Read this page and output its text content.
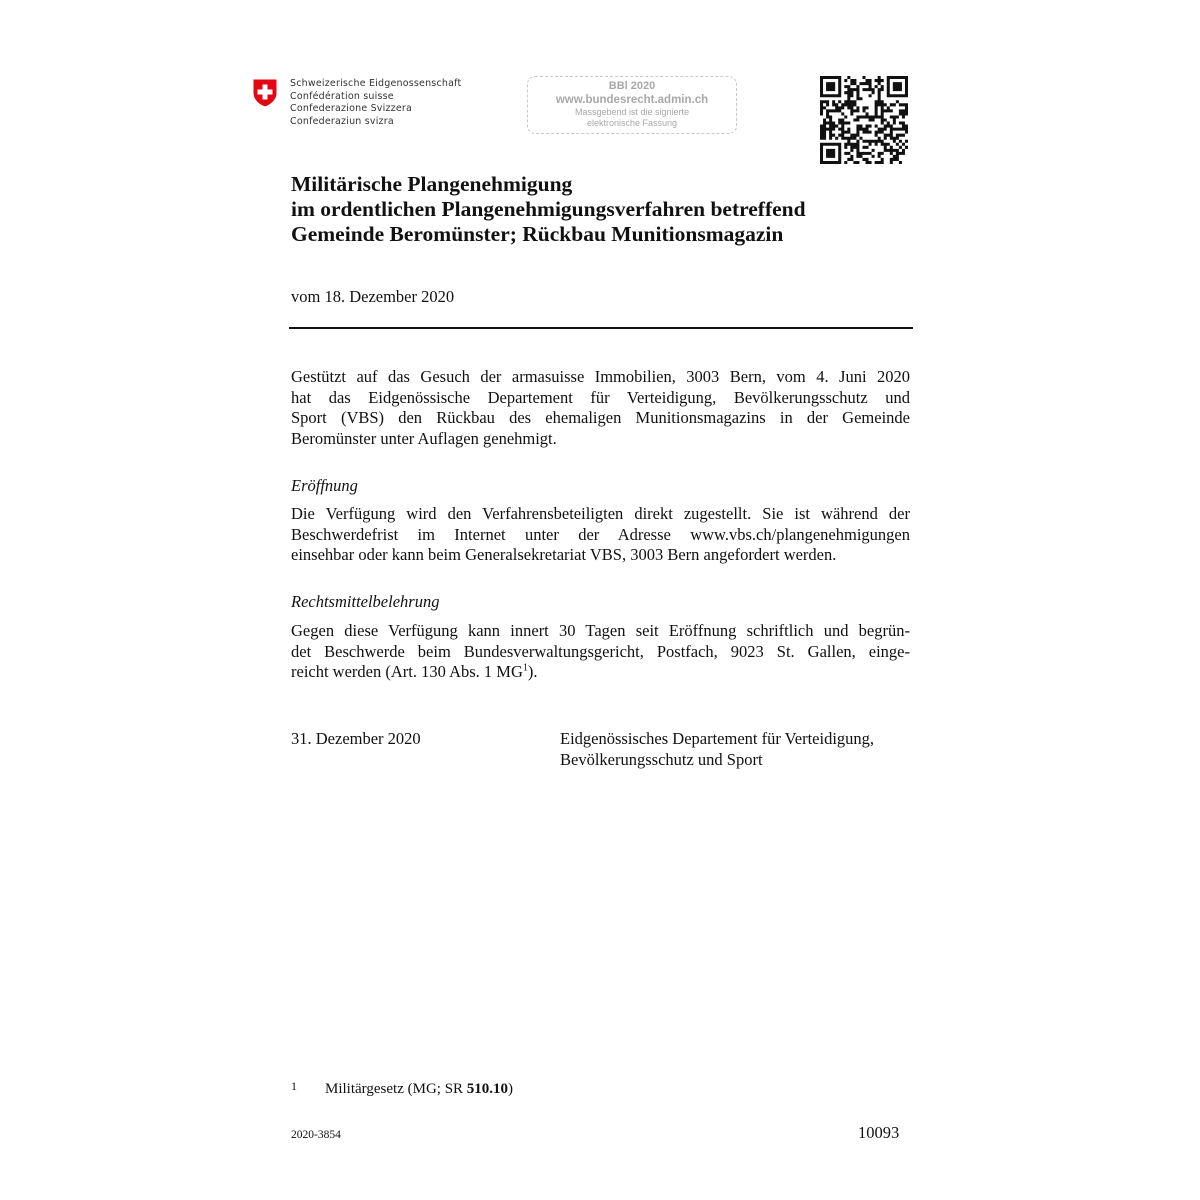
Schweizerische Eidgenossenschaft
Confédération suisse
Confederazione Svizzera
Confederaziun svizra
BBl 2020
www.bundesrecht.admin.ch
Massgebend ist die signierte
elektronische Fassung
Militärische Plangenehmigung
im ordentlichen Plangenehmigungsverfahren betreffend
Gemeinde Beromünster; Rückbau Munitionsmagazin
vom 18. Dezember 2020
Gestützt auf das Gesuch der armasuisse Immobilien, 3003 Bern, vom 4. Juni 2020
hat das Eidgenössische Departement für Verteidigung, Bevölkerungsschutz und
Sport (VBS) den Rückbau des ehemaligen Munitionsmagazins in der Gemeinde
Beromünster unter Auflagen genehmigt.
Eröffnung
Die Verfügung wird den Verfahrensbeteiligten direkt zugestellt. Sie ist während der
Beschwerdefrist im Internet unter der Adresse www.vbs.ch/plangenehmigungen
einsehbar oder kann beim Generalsekretariat VBS, 3003 Bern angefordert werden.
Rechtsmittelbelehrung
Gegen diese Verfügung kann innert 30 Tagen seit Eröffnung schriftlich und begrün-
det Beschwerde beim Bundesverwaltungsgericht, Postfach, 9023 St. Gallen, einge-
reicht werden (Art. 130 Abs. 1 $MG^1$).
31. Dezember 2020	Eidgenössisches Departement für Verteidigung,
Bevölkerungsschutz und Sport
1 Militärgesetz (MG; SR 510.10)
2020-3854	10093
